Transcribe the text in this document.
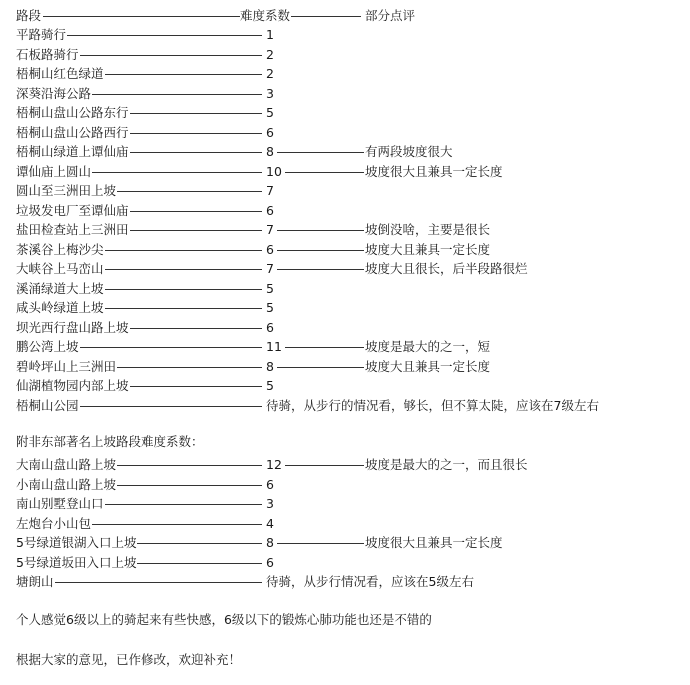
路段	难度系数	部分点评
平路骑行	1
石板路骑行	2
梧桐山红色绿道	2
深葵沿海公路	3
梧桐山盘山公路东行	5
梧桐山盘山公路西行	6
梧桐山绿道上谭仙庙	8	有两段坡度很大
谭仙庙上圆山	10	坡度很大且兼具一定长度
圆山至三洲田上坡	7
垃圾发电厂至谭仙庙	6
盐田检查站上三洲田	7	坡倒没啥，主要是很长
茶溪谷上梅沙尖	6	坡度大且兼具一定长度
大峡谷上马峦山	7	坡度大且很长，后半段路很烂
溪涌绿道大上坡	5
咸头岭绿道上坡	5
坝光西行盘山路上坡	6
鹏公湾上坡	11	坡度是最大的之一，短
碧岭坪山上三洲田	8	坡度大且兼具一定长度
仙湖植物园内部上坡	5
梧桐山公园	待骑，从步行的情况看，够长，但不算太陡，应该在7级左右
附非东部著名上坡路段难度系数：
大南山盘山路上坡	12	坡度是最大的之一，而且很长
小南山盘山路上坡	6
南山别墅登山口	3
左炮台小山包	4
5号绿道银湖入口上坡	8	坡度很大且兼具一定长度
5号绿道坂田入口上坡	6
塘朗山	待骑，从步行情况看，应该在5级左右
个人感觉6级以上的骑起来有些快感，6级以下的锻炼心肺功能也还是不错的
根据大家的意见，已作修改，欢迎补充！
